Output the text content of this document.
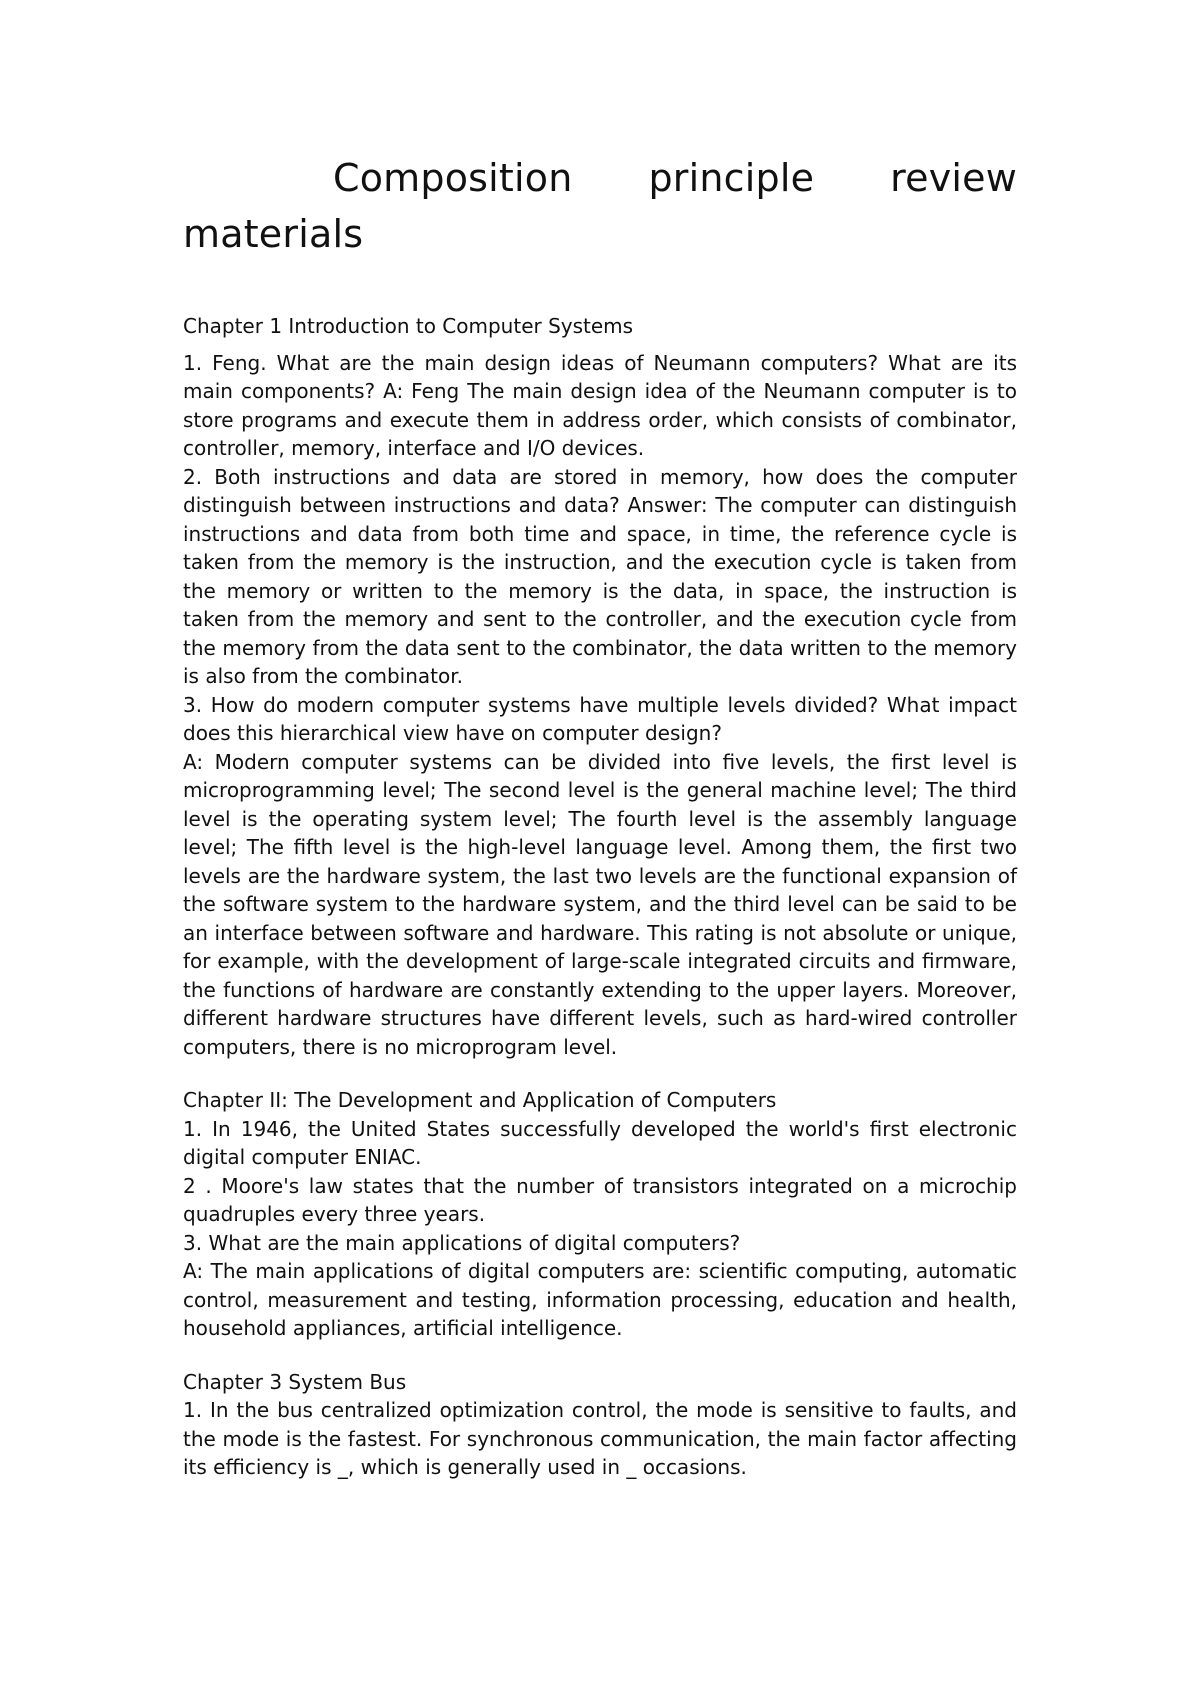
Composition principle review materials
Chapter 1 Introduction to Computer Systems

1. Feng. What are the main design ideas of Neumann computers? What are its main components? A: Feng The main design idea of the Neumann computer is to store programs and execute them in address order, which consists of combinator, controller, memory, interface and I/O devices.

2. Both instructions and data are stored in memory, how does the computer distinguish between instructions and data? Answer: The computer can distinguish instructions and data from both time and space, in time, the reference cycle is taken from the memory is the instruction, and the execution cycle is taken from the memory or written to the memory is the data, in space, the instruction is taken from the memory and sent to the controller, and the execution cycle from the memory from the data sent to the combinator, the data written to the memory is also from the combinator.

3. How do modern computer systems have multiple levels divided? What impact does this hierarchical view have on computer design?

A: Modern computer systems can be divided into five levels, the first level is microprogramming level; The second level is the general machine level; The third level is the operating system level; The fourth level is the assembly language level; The fifth level is the high-level language level. Among them, the first two levels are the hardware system, the last two levels are the functional expansion of the software system to the hardware system, and the third level can be said to be an interface between software and hardware. This rating is not absolute or unique, for example, with the development of large-scale integrated circuits and firmware, the functions of hardware are constantly extending to the upper layers. Moreover, different hardware structures have different levels, such as hard-wired controller computers, there is no microprogram level.

Chapter II: The Development and Application of Computers

1. In 1946, the United States successfully developed the world's first electronic digital computer ENIAC.

2 . Moore's law states that the number of transistors integrated on a microchip quadruples every three years.

3. What are the main applications of digital computers?

A: The main applications of digital computers are: scientific computing, automatic control, measurement and testing, information processing, education and health, household appliances, artificial intelligence.

Chapter 3 System Bus

1. In the bus centralized optimization control, the mode is sensitive to faults, and the mode is the fastest. For synchronous communication, the main factor affecting its efficiency is _, which is generally used in _ occasions.
